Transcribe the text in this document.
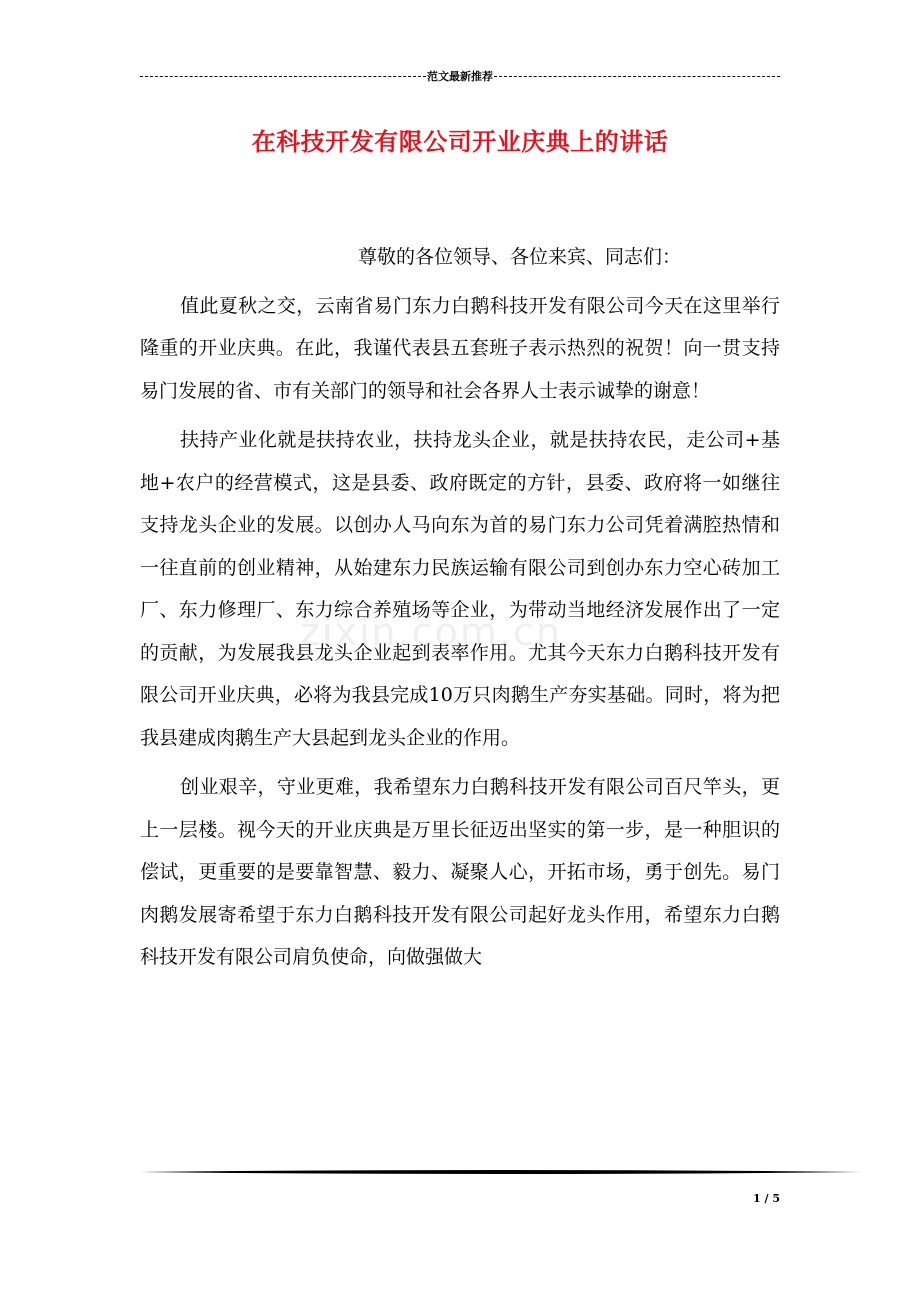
范文最新推荐
在科技开发有限公司开业庆典上的讲话
zixin.com.cn
尊敬的各位领导、各位来宾、同志们：

值此夏秋之交，云南省易门东力白鹅科技开发有限公司今天在这里举行隆重的开业庆典。在此，我谨代表县五套班子表示热烈的祝贺！向一贯支持易门发展的省、市有关部门的领导和社会各界人士表示诚挚的谢意！

扶持产业化就是扶持农业，扶持龙头企业，就是扶持农民，走公司+基地+农户的经营模式，这是县委、政府既定的方针，县委、政府将一如继往支持龙头企业的发展。以创办人马向东为首的易门东力公司凭着满腔热情和一往直前的创业精神，从始建东力民族运输有限公司到创办东力空心砖加工厂、东力修理厂、东力综合养殖场等企业，为带动当地经济发展作出了一定的贡献，为发展我县龙头企业起到表率作用。尤其今天东力白鹅科技开发有限公司开业庆典，必将为我县完成10万只肉鹅生产夯实基础。同时，将为把我县建成肉鹅生产大县起到龙头企业的作用。

创业艰辛，守业更难，我希望东力白鹅科技开发有限公司百尺竿头，更上一层楼。视今天的开业庆典是万里长征迈出坚实的第一步，是一种胆识的偿试，更重要的是要靠智慧、毅力、凝聚人心，开拓市场，勇于创先。易门肉鹅发展寄希望于东力白鹅科技开发有限公司起好龙头作用，希望东力白鹅科技开发有限公司肩负使命，向做强做大

1 / 5
